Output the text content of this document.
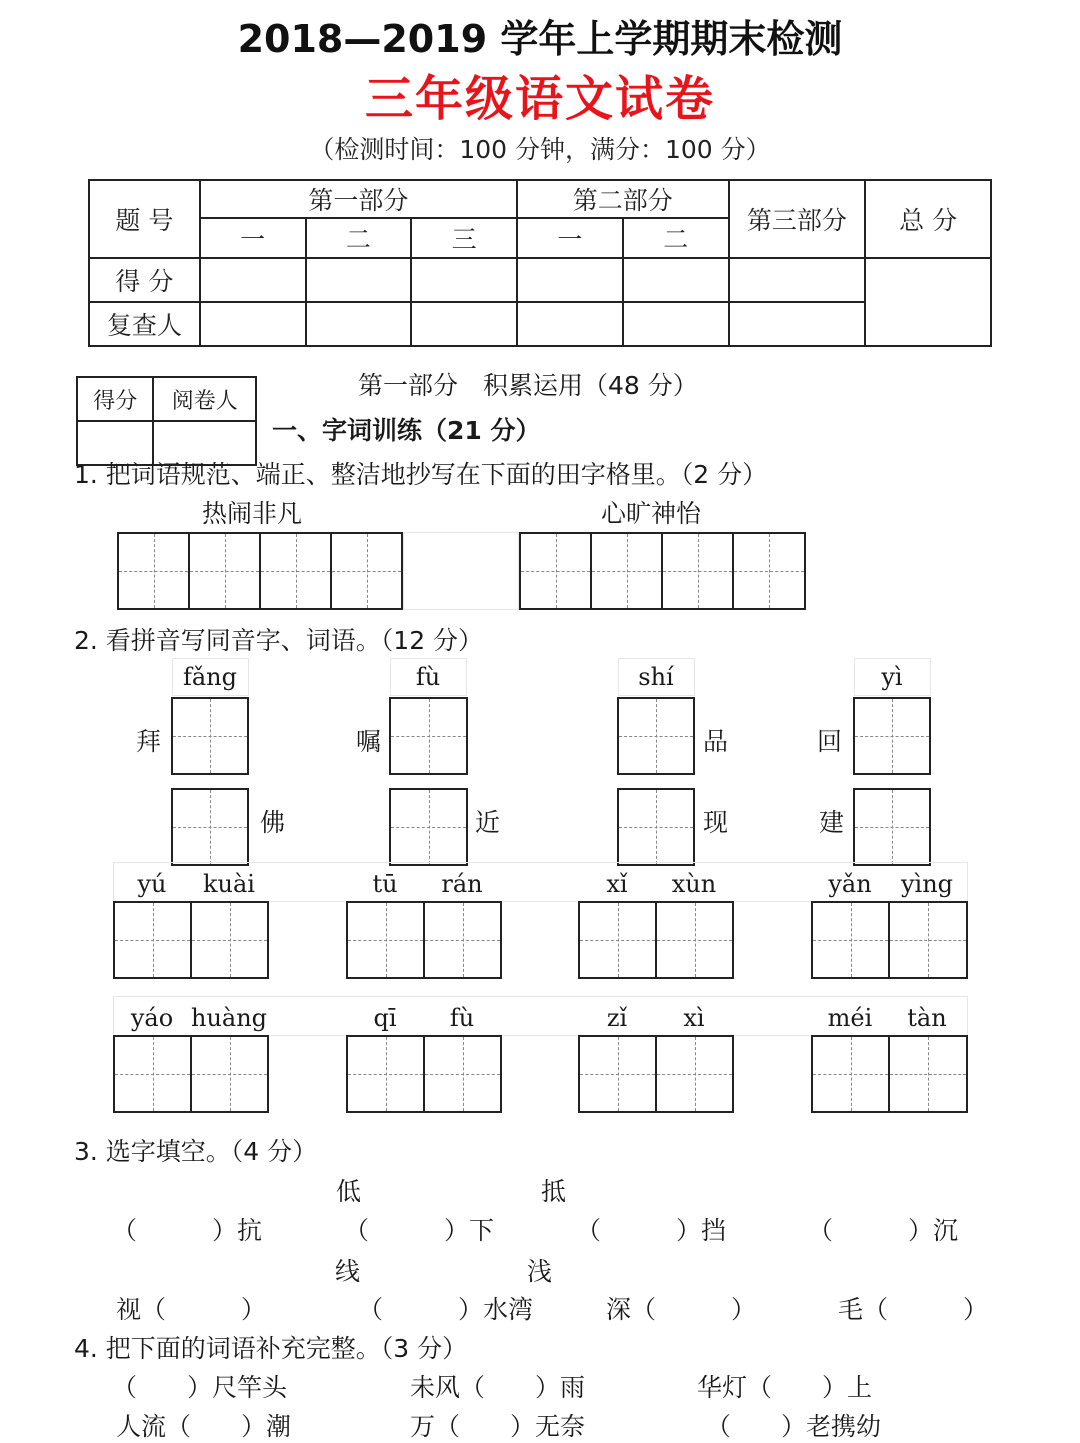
2018—2019 学年上学期期末检测
三年级语文试卷
（检测时间：100 分钟，满分：100 分）
题 号	第一部分			第二部分		第三部分	总 分
	一	二	三	一	二		
得 分							
复查人							
得分	阅卷人

第一部分　积累运用（48 分）
一、字词训练（21 分）
1. 把词语规范、端正、整洁地抄写在下面的田字格里。（2 分）
热闹非凡	心旷神怡
2. 看拼音写同音字、词语。（12 分）
fǎng
拜
佛
fù
嘱
近
shí
品
现
yì
回
建
yú	kuài	tū	rán	xǐ	xùn	yǎn	yìng
yáo huàng	qī	fù	zǐ	xì	méi	tàn
3. 选字填空。（4 分）
低	抵
（　　　）抗	（　　　）下	（　　　）挡	（　　　）沉
线	浅
视（　　　）	（　　　）水湾	深（　　　）	毛（　　　）
4. 把下面的词语补充完整。（3 分）
（　　）尺竿头	未风（　　）雨	华灯（　　）上
人流（　　）潮	万（　　）无奈	（　　）老携幼
